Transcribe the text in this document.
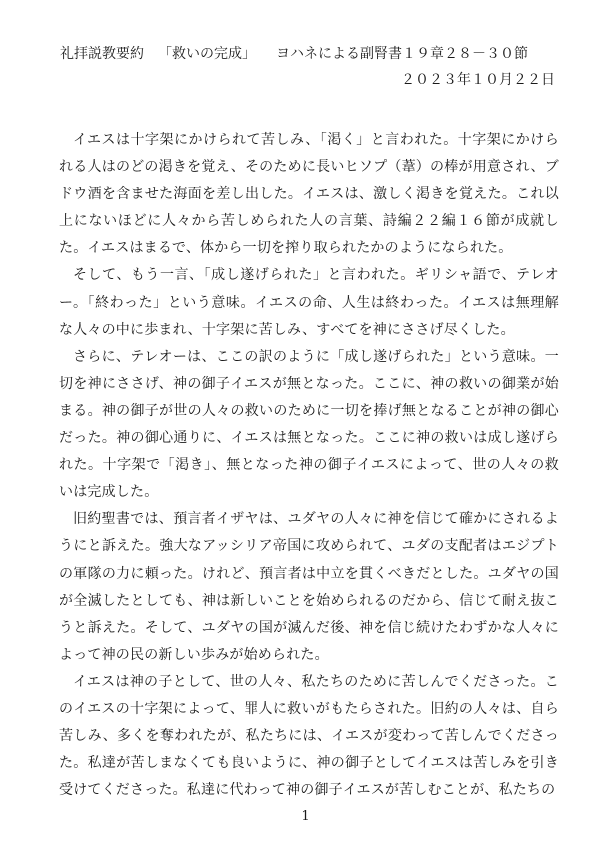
礼拝説教要約 「救いの完成」 ヨハネによる副腎書１９章２８－３０節
２０２３年１０月２２日

イエスは十字架にかけられて苦しみ、「渇く」と言われた。十字架にかけられる人はのどの渇きを覚え、そのために長いヒソプ（葦）の棒が用意され、ブドウ酒を含ませた海面を差し出した。イエスは、激しく渇きを覚えた。これ以上にないほどに人々から苦しめられた人の言葉、詩編２２編１６節が成就した。イエスはまるで、体から一切を搾り取られたかのようになられた。

そして、もう一言、「成し遂げられた」と言われた。ギリシャ語で、テレオー。「終わった」という意味。イエスの命、人生は終わった。イエスは無理解な人々の中に歩まれ、十字架に苦しみ、すべてを神にささげ尽くした。

さらに、テレオーは、ここの訳のように「成し遂げられた」という意味。一切を神にささげ、神の御子イエスが無となった。ここに、神の救いの御業が始まる。神の御子が世の人々の救いのために一切を捧げ無となることが神の御心だった。神の御心通りに、イエスは無となった。ここに神の救いは成し遂げられた。十字架で「渇き」、無となった神の御子イエスによって、世の人々の救いは完成した。

旧約聖書では、預言者イザヤは、ユダヤの人々に神を信じて確かにされるようにと訴えた。強大なアッシリア帝国に攻められて、ユダの支配者はエジプトの軍隊の力に頼った。けれど、預言者は中立を貫くべきだとした。ユダヤの国が全滅したとしても、神は新しいことを始められるのだから、信じて耐え抜こうと訴えた。そして、ユダヤの国が滅んだ後、神を信じ続けたわずかな人々によって神の民の新しい歩みが始められた。

イエスは神の子として、世の人々、私たちのために苦しんでくださった。このイエスの十字架によって、罪人に救いがもたらされた。旧約の人々は、自ら苦しみ、多くを奪われたが、私たちには、イエスが変わって苦しんでくださった。私達が苦しまなくても良いように、神の御子としてイエスは苦しみを引き受けてくださった。私達に代わって神の御子イエスが苦しむことが、私たちの

1
